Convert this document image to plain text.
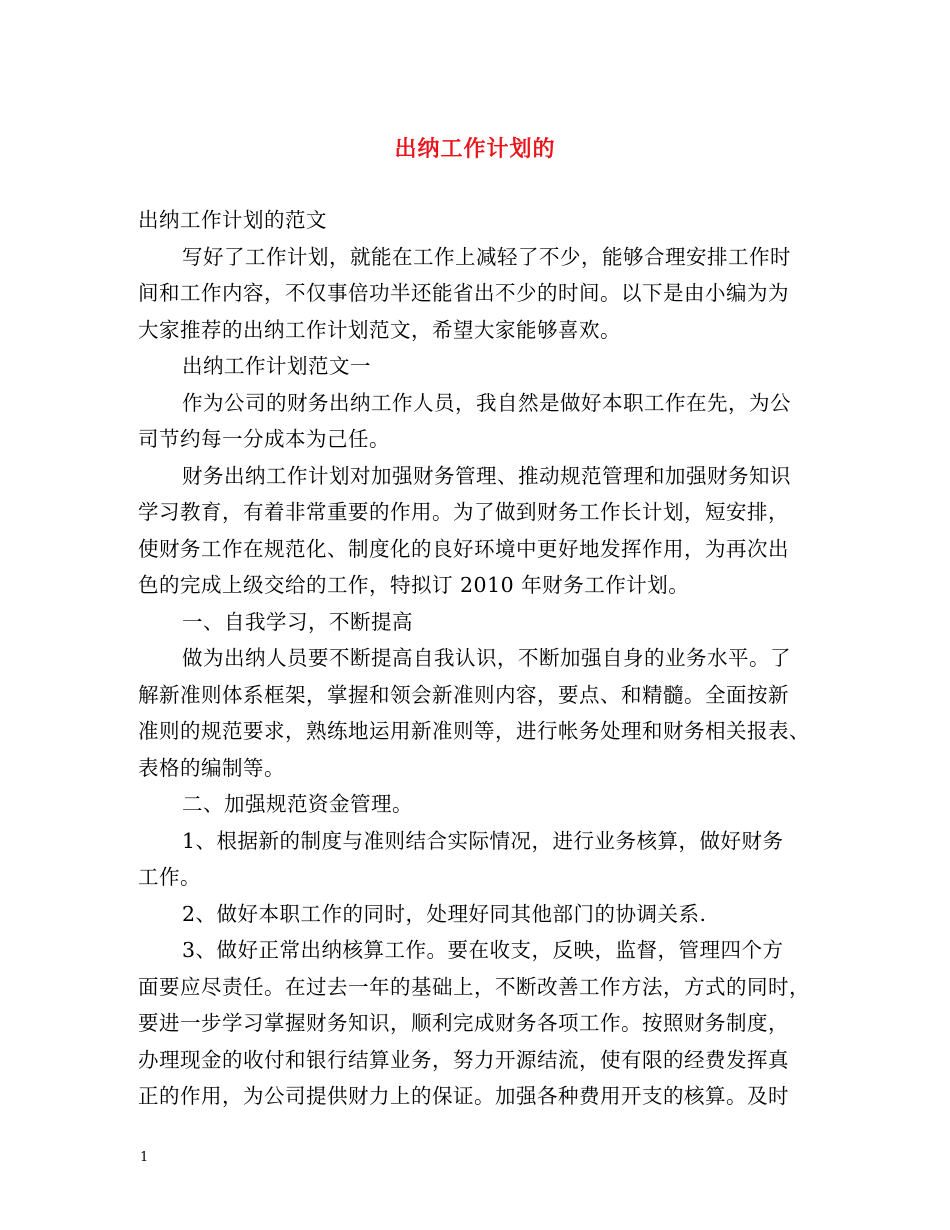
出纳工作计划的
出纳工作计划的范文
写好了工作计划，就能在工作上减轻了不少，能够合理安排工作时
间和工作内容，不仅事倍功半还能省出不少的时间。以下是由小编为为
大家推荐的出纳工作计划范文，希望大家能够喜欢。
出纳工作计划范文一
作为公司的财务出纳工作人员，我自然是做好本职工作在先，为公
司节约每一分成本为己任。
财务出纳工作计划对加强财务管理、推动规范管理和加强财务知识
学习教育，有着非常重要的作用。为了做到财务工作长计划，短安排，
使财务工作在规范化、制度化的良好环境中更好地发挥作用，为再次出
色的完成上级交给的工作，特拟订 2010 年财务工作计划。
一、自我学习，不断提高
做为出纳人员要不断提高自我认识，不断加强自身的业务水平。了
解新准则体系框架，掌握和领会新准则内容，要点、和精髓。全面按新
准则的规范要求，熟练地运用新准则等，进行帐务处理和财务相关报表、
表格的编制等。
二、加强规范资金管理。
1、根据新的制度与准则结合实际情况，进行业务核算，做好财务
工作。
2、做好本职工作的同时，处理好同其他部门的协调关系.
3、做好正常出纳核算工作。要在收支，反映，监督，管理四个方
面要应尽责任。在过去一年的基础上，不断改善工作方法，方式的同时，
要进一步学习掌握财务知识，顺利完成财务各项工作。按照财务制度，
办理现金的收付和银行结算业务，努力开源结流，使有限的经费发挥真
正的作用，为公司提供财力上的保证。加强各种费用开支的核算。及时
1
